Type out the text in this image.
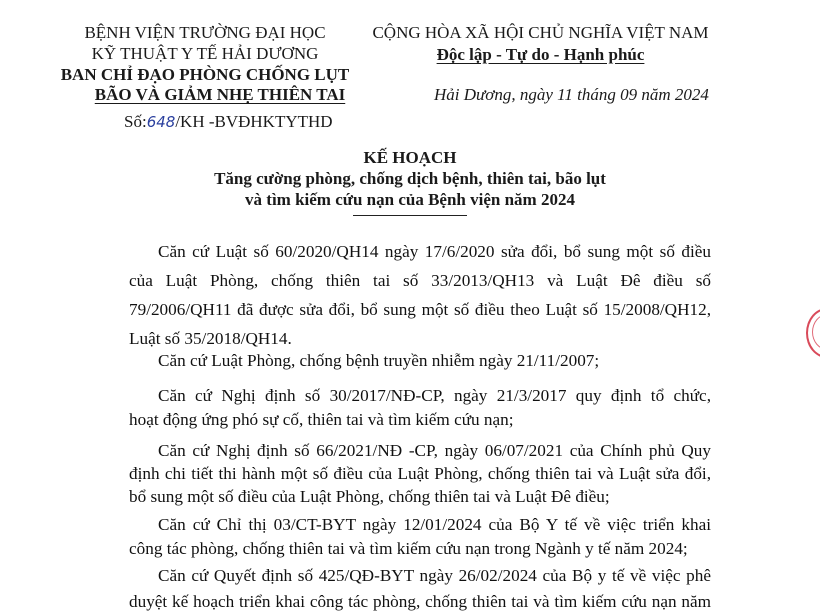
BỆNH VIỆN TRƯỜNG ĐẠI HỌC
KỸ THUẬT Y TẾ HẢI DƯƠNG
BAN CHỈ ĐẠO PHÒNG CHỐNG LỤT
BÃO VÀ GIẢM NHẸ THIÊN TAI
Số:648/KH -BVĐHKTYTHD
CỘNG HÒA XÃ HỘI CHỦ NGHĨA VIỆT NAM
Độc lập - Tự do - Hạnh phúc
Hải Dương, ngày 11 tháng 09 năm 2024
KẾ HOẠCH
Tăng cường phòng, chống dịch bệnh, thiên tai, bão lụt
và tìm kiếm cứu nạn của Bệnh viện năm 2024
Căn cứ Luật số 60/2020/QH14 ngày 17/6/2020 sửa đổi, bổ sung một số điều
của Luật Phòng, chống thiên tai số 33/2013/QH13 và Luật Đê điều số
79/2006/QH11 đã được sửa đổi, bổ sung một số điều theo Luật số 15/2008/QH12,
Luật số 35/2018/QH14.
Căn cứ Luật Phòng, chống bệnh truyền nhiễm ngày 21/11/2007;
Căn cứ Nghị định số 30/2017/NĐ-CP, ngày 21/3/2017 quy định tổ chức,
hoạt động ứng phó sự cố, thiên tai và tìm kiếm cứu nạn;
Căn cứ Nghị định số 66/2021/NĐ -CP, ngày 06/07/2021 của Chính phủ Quy
định chi tiết thi hành một số điều của Luật Phòng, chống thiên tai và Luật sửa đổi,
bổ sung một số điều của Luật Phòng, chống thiên tai và Luật Đê điều;
Căn cứ Chỉ thị 03/CT-BYT ngày 12/01/2024 của Bộ Y tế về việc triển khai
công tác phòng, chống thiên tai và tìm kiếm cứu nạn trong Ngành y tế năm 2024;
Căn cứ Quyết định số 425/QĐ-BYT ngày 26/02/2024 của Bộ y tế về việc phê
duyệt kế hoạch triển khai công tác phòng, chống thiên tai và tìm kiếm cứu nạn năm
